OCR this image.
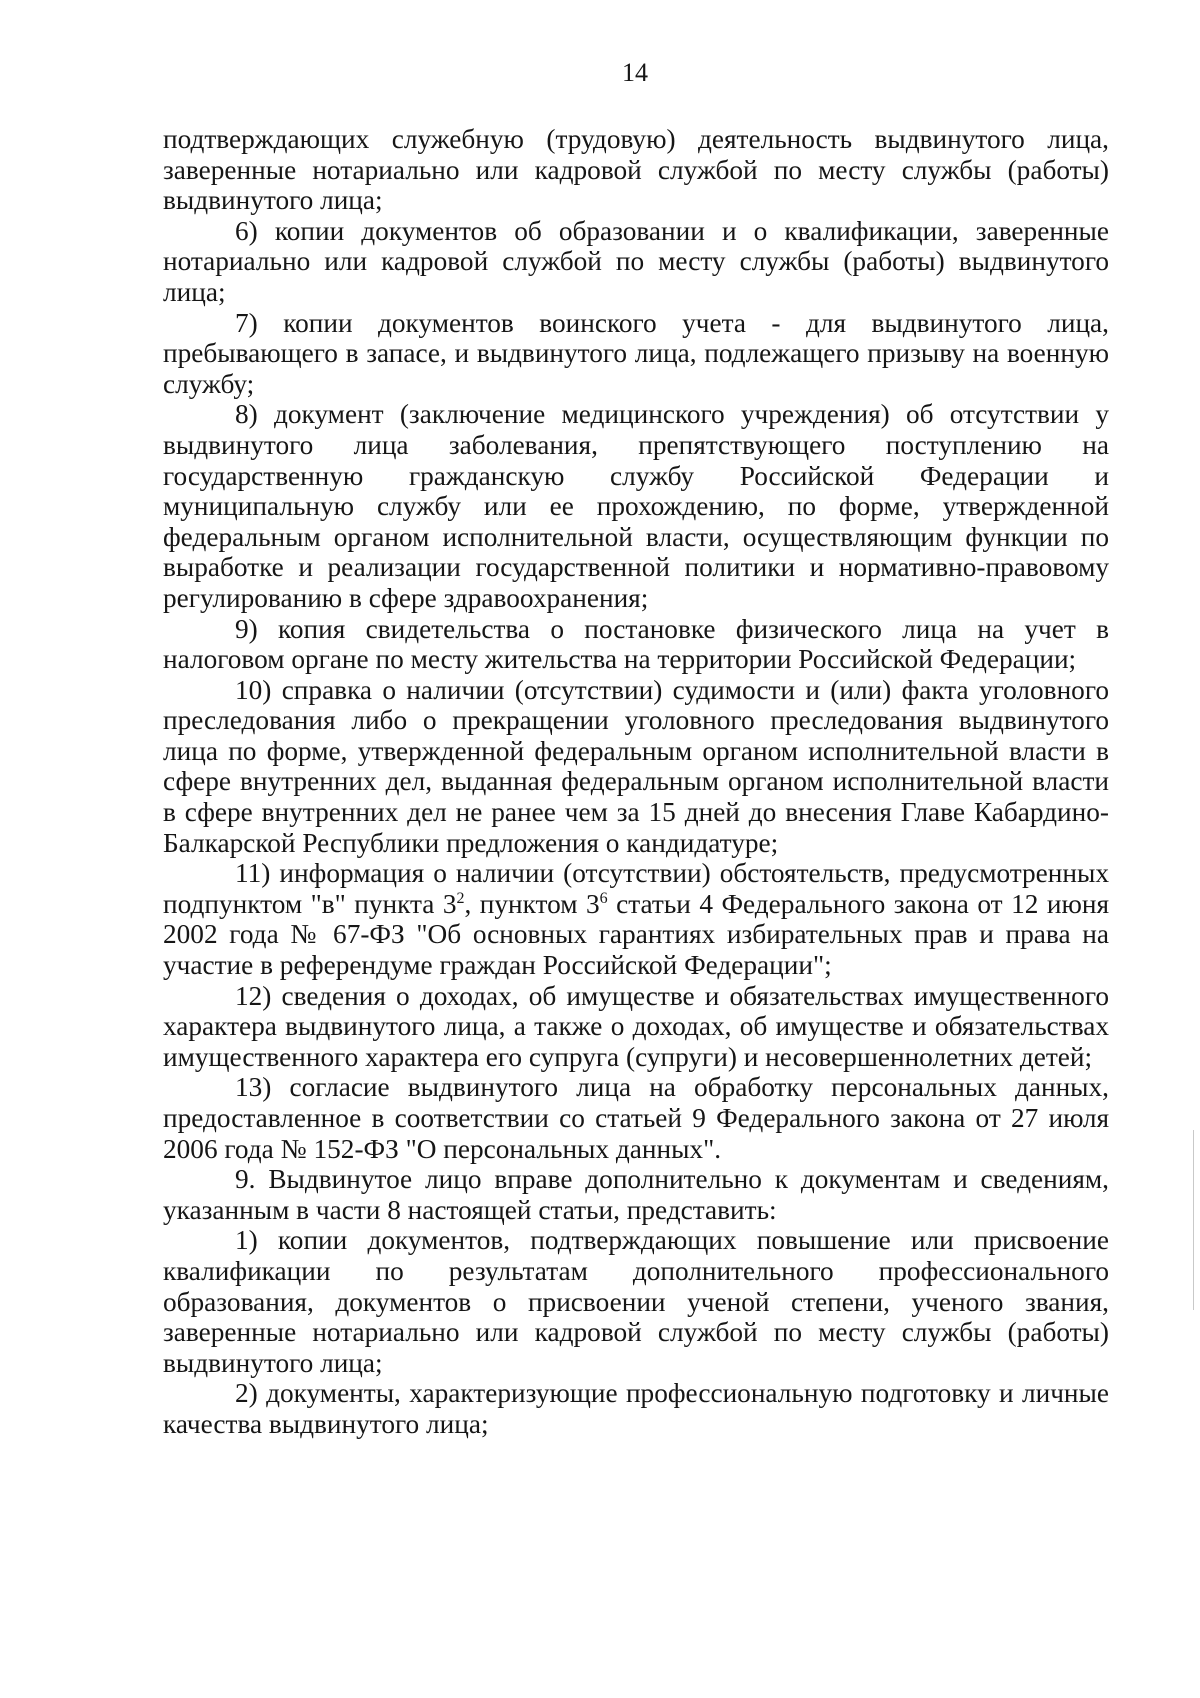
14

подтверждающих служебную (трудовую) деятельность выдвинутого лица, заверенные нотариально или кадровой службой по месту службы (работы) выдвинутого лица;

6) копии документов об образовании и о квалификации, заверенные нотариально или кадровой службой по месту службы (работы) выдвинутого лица;

7) копии документов воинского учета - для выдвинутого лица, пребывающего в запасе, и выдвинутого лица, подлежащего призыву на военную службу;

8) документ (заключение медицинского учреждения) об отсутствии у выдвинутого лица заболевания, препятствующего поступлению на государственную гражданскую службу Российской Федерации и муниципальную службу или ее прохождению, по форме, утвержденной федеральным органом исполнительной власти, осуществляющим функции по выработке и реализации государственной политики и нормативно-правовому регулированию в сфере здравоохранения;

9) копия свидетельства о постановке физического лица на учет в налоговом органе по месту жительства на территории Российской Федерации;

10) справка о наличии (отсутствии) судимости и (или) факта уголовного преследования либо о прекращении уголовного преследования выдвинутого лица по форме, утвержденной федеральным органом исполнительной власти в сфере внутренних дел, выданная федеральным органом исполнительной власти в сфере внутренних дел не ранее чем за 15 дней до внесения Главе Кабардино-Балкарской Республики предложения о кандидатуре;

11) информация о наличии (отсутствии) обстоятельств, предусмотренных подпунктом "в" пункта $3^2$, пунктом $3^6$ статьи 4 Федерального закона от 12 июня 2002 года № 67-ФЗ "Об основных гарантиях избирательных прав и права на участие в референдуме граждан Российской Федерации";

12) сведения о доходах, об имуществе и обязательствах имущественного характера выдвинутого лица, а также о доходах, об имуществе и обязательствах имущественного характера его супруга (супруги) и несовершеннолетних детей;

13) согласие выдвинутого лица на обработку персональных данных, предоставленное в соответствии со статьей 9 Федерального закона от 27 июля 2006 года № 152-ФЗ "О персональных данных".

9. Выдвинутое лицо вправе дополнительно к документам и сведениям, указанным в части 8 настоящей статьи, представить:

1) копии документов, подтверждающих повышение или присвоение квалификации по результатам дополнительного профессионального образования, документов о присвоении ученой степени, ученого звания, заверенные нотариально или кадровой службой по месту службы (работы) выдвинутого лица;

2) документы, характеризующие профессиональную подготовку и личные качества выдвинутого лица;
